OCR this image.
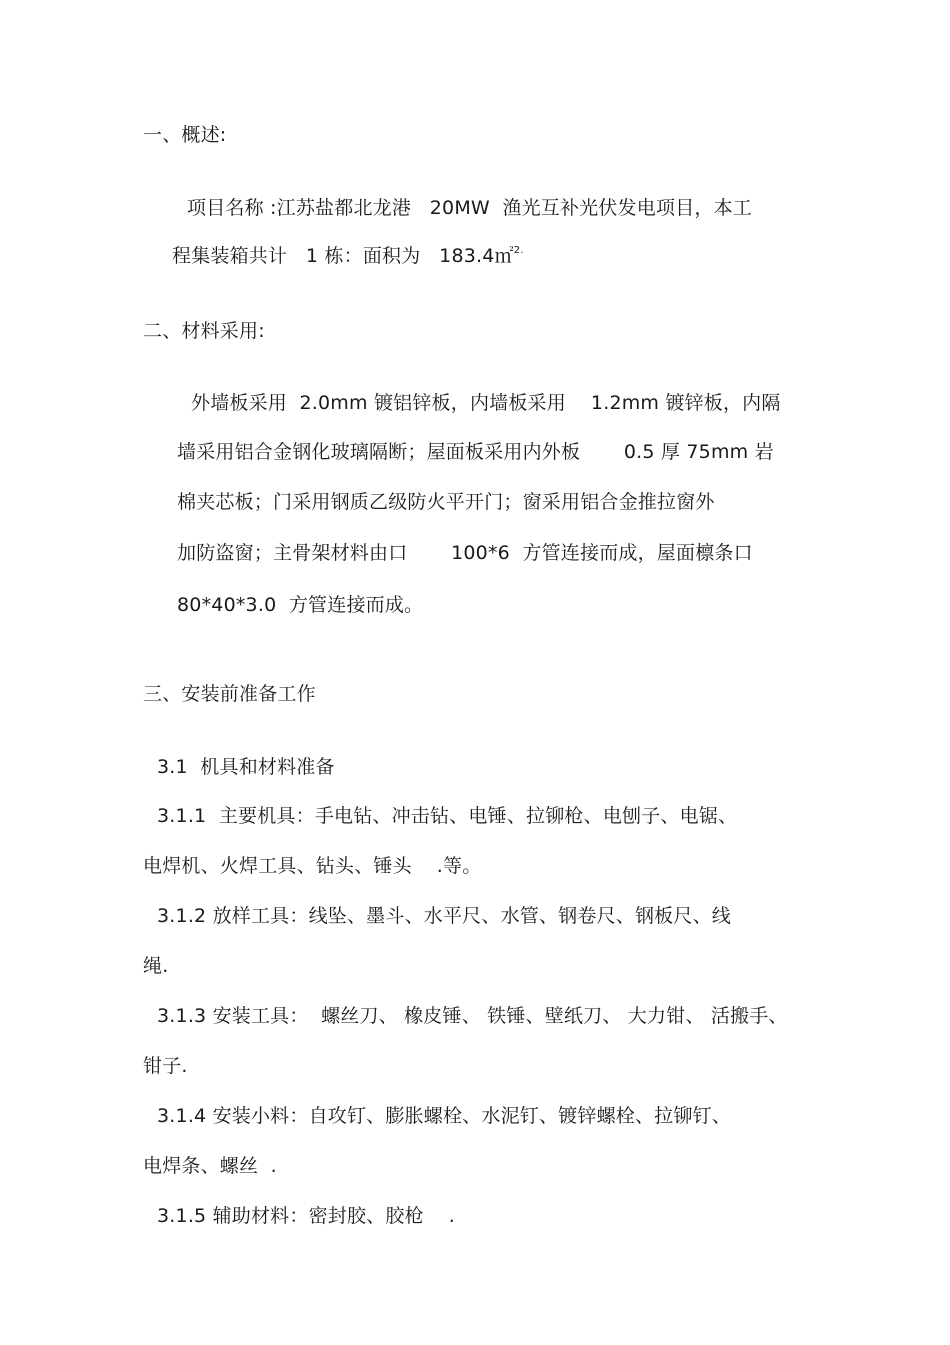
一、概述:
项目名称 :江苏盐都北龙港   20MW  渔光互补光伏发电项目，本工
程集装箱共计   1 栋：面积为   183.4㎡$^{2.}$
二、材料采用:
外墙板采用  2.0mm 镀铝锌板，内墙板采用    1.2mm 镀锌板，内隔
墙采用铝合金钢化玻璃隔断；屋面板采用内外板       0.5 厚 75mm 岩
棉夹芯板；门采用钢质乙级防火平开门；窗采用铝合金推拉窗外
加防盗窗；主骨架材料由口       100*6  方管连接而成，屋面檩条口
80*40*3.0  方管连接而成。
三、安装前准备工作
3.1  机具和材料准备
3.1.1  主要机具：手电钻、冲击钻、电锤、拉铆枪、电刨子、电锯、
电焊机、火焊工具、钻头、锤头    .等。
3.1.2 放样工具：线坠、墨斗、水平尺、水管、钢卷尺、钢板尺、线
绳.
3.1.3 安装工具：  螺丝刀、 橡皮锤、 铁锤、壁纸刀、 大力钳、 活搬手、
钳子.
3.1.4 安装小料：自攻钉、膨胀螺栓、水泥钉、镀锌螺栓、拉铆钉、
电焊条、螺丝  .
3.1.5 辅助材料：密封胶、胶枪    .
